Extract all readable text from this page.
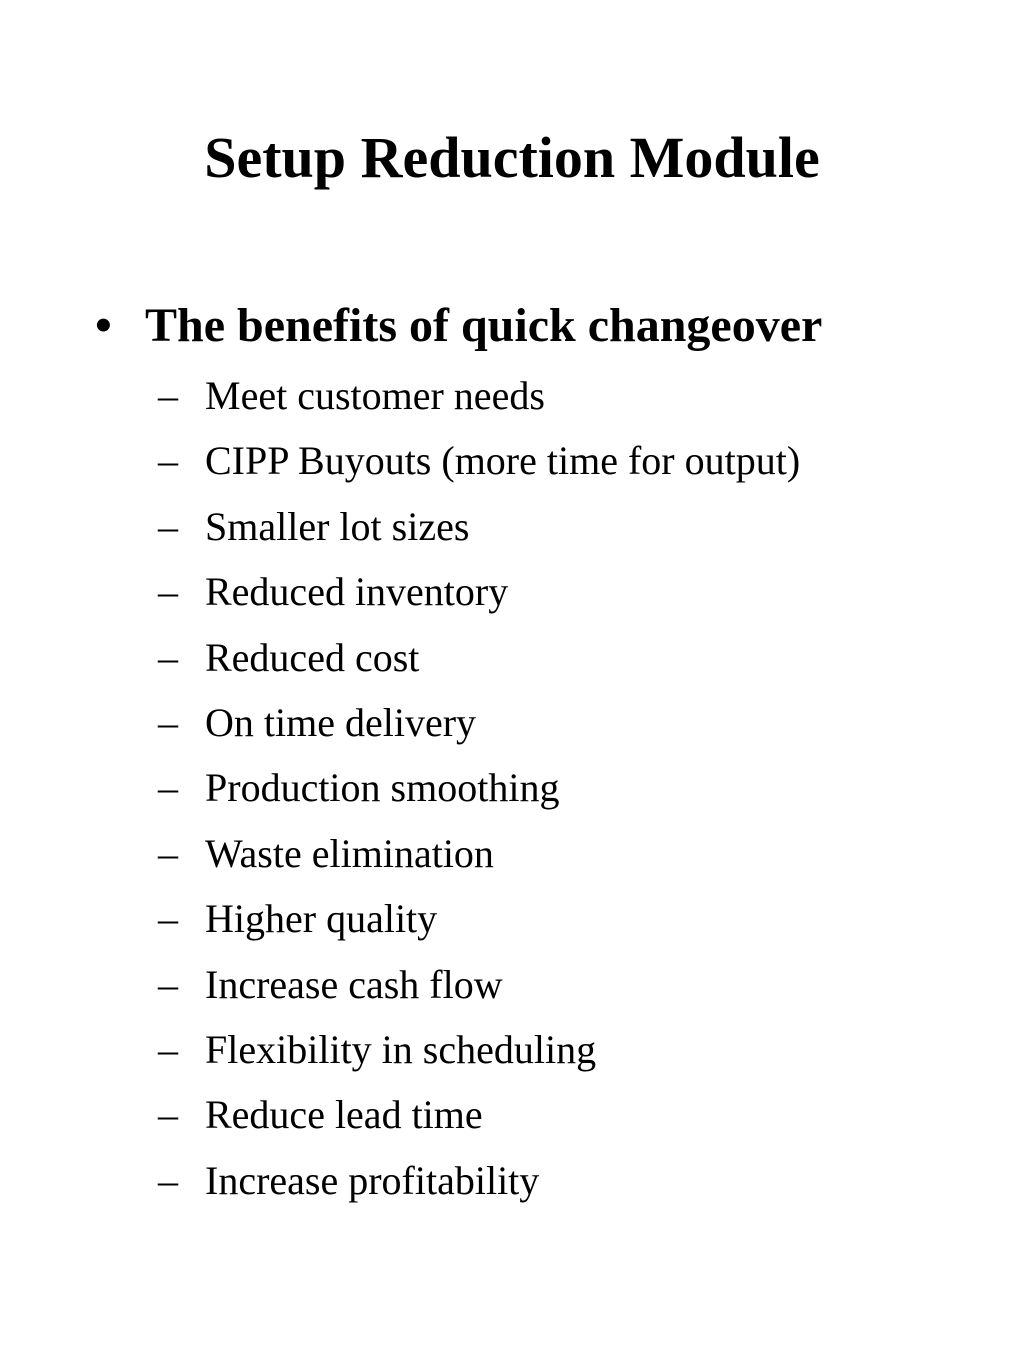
Setup Reduction Module
• The benefits of quick changeover
– Meet customer needs
– CIPP Buyouts (more time for output)
– Smaller lot sizes
– Reduced inventory
– Reduced cost
– On time delivery
– Production smoothing
– Waste elimination
– Higher quality
– Increase cash flow
– Flexibility in scheduling
– Reduce lead time
– Increase profitability
